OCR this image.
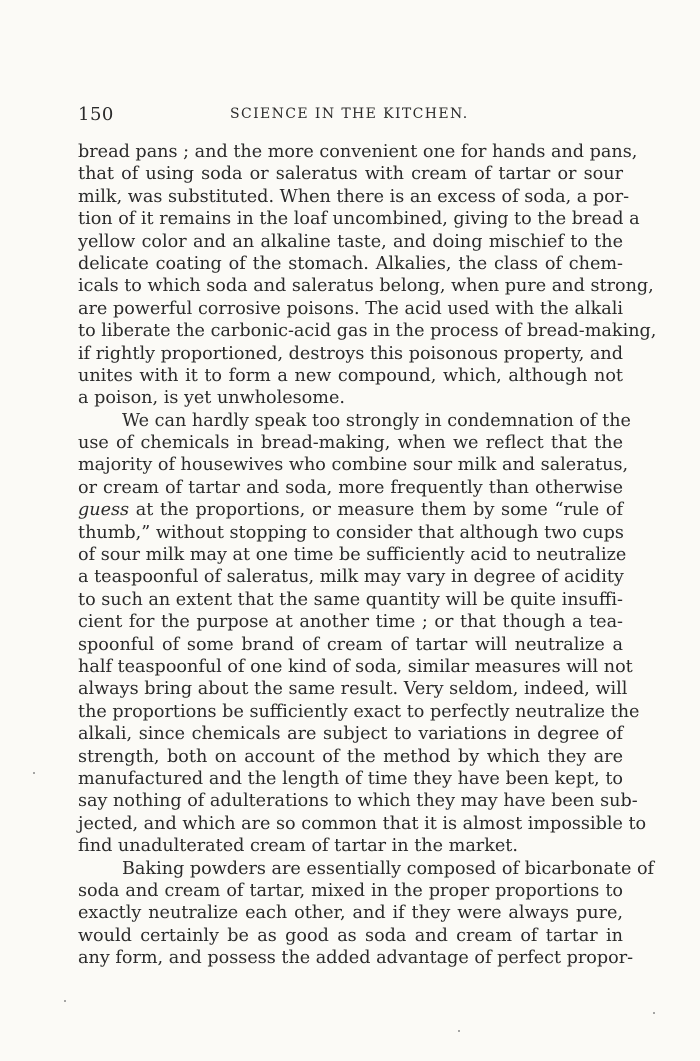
150	SCIENCE IN THE KITCHEN.
bread pans ; and the more convenient one for hands and pans,
that of using soda or saleratus with cream of tartar or sour
milk, was substituted. When there is an excess of soda, a por-
tion of it remains in the loaf uncombined, giving to the bread a
yellow color and an alkaline taste, and doing mischief to the
delicate coating of the stomach. Alkalies, the class of chem-
icals to which soda and saleratus belong, when pure and strong,
are powerful corrosive poisons. The acid used with the alkali
to liberate the carbonic-acid gas in the process of bread-making,
if rightly proportioned, destroys this poisonous property, and
unites with it to form a new compound, which, although not
a poison, is yet unwholesome.
We can hardly speak too strongly in condemnation of the
use of chemicals in bread-making, when we reflect that the
majority of housewives who combine sour milk and saleratus,
or cream of tartar and soda, more frequently than otherwise
guess at the proportions, or measure them by some “rule of
thumb,” without stopping to consider that although two cups
of sour milk may at one time be sufficiently acid to neutralize
a teaspoonful of saleratus, milk may vary in degree of acidity
to such an extent that the same quantity will be quite insuffi-
cient for the purpose at another time ; or that though a tea-
spoonful of some brand of cream of tartar will neutralize a
half teaspoonful of one kind of soda, similar measures will not
always bring about the same result. Very seldom, indeed, will
the proportions be sufficiently exact to perfectly neutralize the
alkali, since chemicals are subject to variations in degree of
strength, both on account of the method by which they are
manufactured and the length of time they have been kept, to
say nothing of adulterations to which they may have been sub-
jected, and which are so common that it is almost impossible to
find unadulterated cream of tartar in the market.
Baking powders are essentially composed of bicarbonate of
soda and cream of tartar, mixed in the proper proportions to
exactly neutralize each other, and if they were always pure,
would certainly be as good as soda and cream of tartar in
any form, and possess the added advantage of perfect propor-
